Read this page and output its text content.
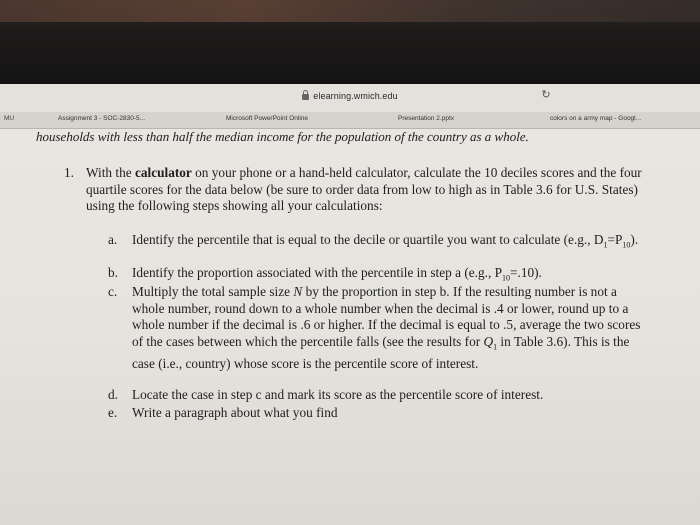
elearning.wmich.edu	↻
MU	Assignment 3 - SOC-2830-5...	Microsoft PowerPoint Online	Presentation 2.pptx	colors on a army map - Googl...
households with less than half the median income for the population of the country as a whole.
1. With the calculator on your phone or a hand-held calculator, calculate the 10 deciles scores and the four quartile scores for the data below (be sure to order data from low to high as in Table 3.6 for U.S. States) using the following steps showing all your calculations:
a.	Identify the percentile that is equal to the decile or quartile you want to calculate (e.g., $D_1=P_{10}$).
b.	Identify the proportion associated with the percentile in step a (e.g., $P_{10}=.10$).
c.	Multiply the total sample size N by the proportion in step b. If the resulting number is not a whole number, round down to a whole number when the decimal is .4 or lower, round up to a whole number if the decimal is .6 or higher. If the decimal is equal to .5, average the two scores of the cases between which the percentile falls (see the results for $Q_1$ in Table 3.6). This is the case (i.e., country) whose score is the percentile score of interest.
d.	Locate the case in step c and mark its score as the percentile score of interest.
e.	Write a paragraph about what you find
